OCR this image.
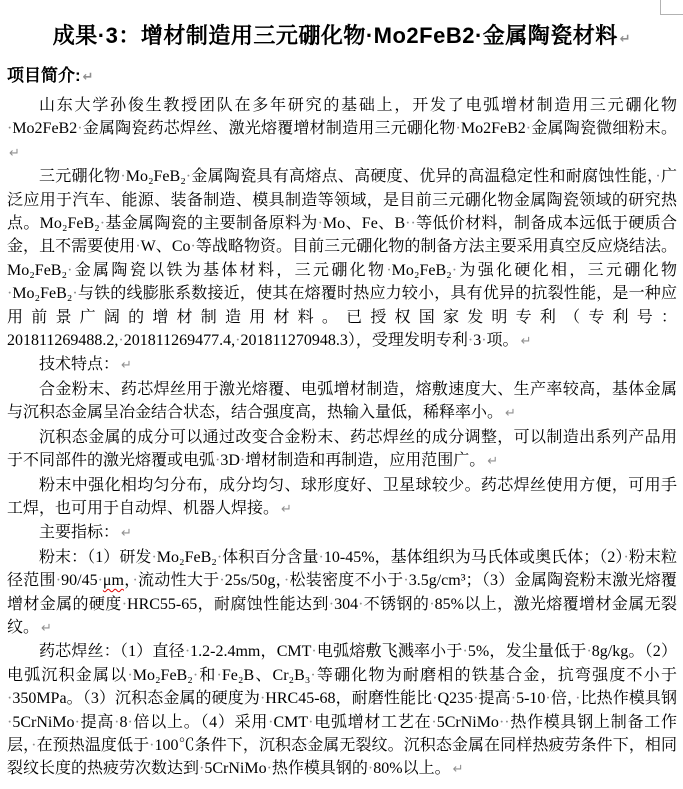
成果·3：增材制造用三元硼化物·Mo2FeB2·金属陶瓷材料 ↵
项目简介: ↵

山东大学孙俊生教授团队在多年研究的基础上，开发了电弧增材制造用三元硼化物·Mo2FeB2·金属陶瓷药芯焊丝、激光熔覆增材制造用三元硼化物·Mo2FeB2·金属陶瓷微细粉末。↵

三元硼化物·Mo₂FeB₂·金属陶瓷具有高熔点、高硬度、优异的高温稳定性和耐腐蚀性能，·广泛应用于汽车、能源、装备制造、模具制造等领域，是目前三元硼化物金属陶瓷领域的研究热点。Mo₂FeB₂·基金属陶瓷的主要制备原料为·Mo、Fe、B··等低价材料，制备成本远低于硬质合金，且不需要使用·W、Co·等战略物资。目前三元硼化物的制备方法主要采用真空反应烧结法。Mo₂FeB₂·金属陶瓷以铁为基体材料，三元硼化物·Mo₂FeB₂·为强化硬化相，三元硼化物·Mo₂FeB₂·与铁的线膨胀系数接近，使其在熔覆时热应力较小，具有优异的抗裂性能，是一种应用前景广阔的增材制造用材料。已授权国家发明专利（专利号：201811269488.2,·201811269477.4,·201811270948.3），受理发明专利·3·项。 ↵

技术特点： ↵

合金粉末、药芯焊丝用于激光熔覆、电弧增材制造，熔敷速度大、生产率较高，基体金属与沉积态金属呈冶金结合状态，结合强度高，热输入量低，稀释率小。 ↵

沉积态金属的成分可以通过改变合金粉末、药芯焊丝的成分调整，可以制造出系列产品用于不同部件的激光熔覆或电弧·3D·增材制造和再制造，应用范围广。 ↵

粉末中强化相均匀分布，成分均匀、球形度好、卫星球较少。药芯焊丝使用方便，可用手工焊，也可用于自动焊、机器人焊接。 ↵

主要指标： ↵

粉末：（1）研发·Mo₂FeB₂·体积百分含量·10-45%，基体组织为马氏体或奥氏体；（2）·粉末粒径范围·90/45·μm，·流动性大于·25s/50g，·松装密度不小于·3.5g/cm³；（3）金属陶瓷粉末激光熔覆增材金属的硬度·HRC55-65，耐腐蚀性能达到·304·不锈钢的·85%以上，激光熔覆增材金属无裂纹。 ↵

药芯焊丝：（1）直径·1.2-2.4mm，CMT·电弧熔敷飞溅率小于·5%，发尘量低于·8g/kg。（2）电弧沉积金属以·Mo₂FeB₂·和·Fe₂B、Cr₂B₃·等硼化物为耐磨相的铁基合金，抗弯强度不小于·350MPa。（3）沉积态金属的硬度为·HRC45-68，耐磨性能比·Q235·提高·5-10·倍，·比热作模具钢·5CrNiMo·提高·8·倍以上。（4）采用·CMT·电弧增材工艺在·5CrNiMo··热作模具钢上制备工作层，·在预热温度低于·100℃条件下，沉积态金属无裂纹。沉积态金属在同样热疲劳条件下，相同裂纹长度的热疲劳次数达到·5CrNiMo·热作模具钢的·80%以上。 ↵
